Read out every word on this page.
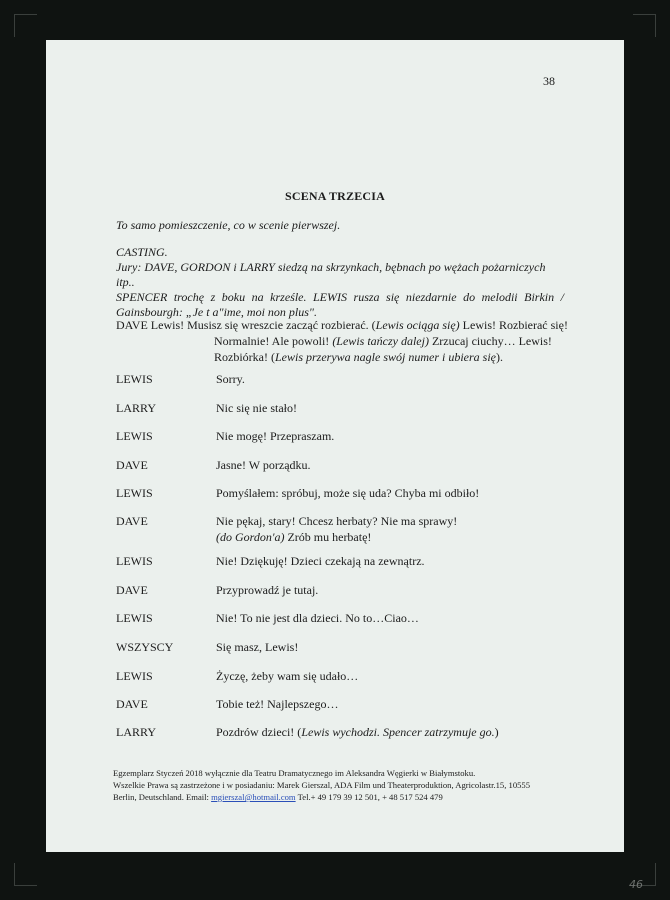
38
SCENA TRZECIA
To samo pomieszczenie, co w scenie pierwszej.
CASTING.
Jury: DAVE, GORDON i LARRY siedzą na skrzynkach, bębnach po wężach pożarniczych itp..

SPENCER trochę z boku na krześle. LEWIS rusza się niezdarnie do melodii Birkin /
Gainsbourgh: „Je t a"ime, moi non plus".
DAVE Lewis! Musisz się wreszcie zacząć rozbierać. (Lewis ociąga się) Lewis! Rozbierać się!
Normalnie! Ale powoli! (Lewis tańczy dalej) Zrzucaj ciuchy… Lewis!
Rozbiórka! (Lewis przerywa nagle swój numer i ubiera się).
LEWIS	Sorry.
LARRY	Nic się nie stało!
LEWIS	Nie mogę! Przepraszam.
DAVE	Jasne! W porządku.
LEWIS	Pomyślałem: spróbuj, może się uda? Chyba mi odbiło!
DAVE	Nie pękaj, stary! Chcesz herbaty? Nie ma sprawy!
(do Gordon'a) Zrób mu herbatę!
LEWIS	Nie! Dziękuję! Dzieci czekają na zewnątrz.
DAVE	Przyprowadź je tutaj.
LEWIS	Nie! To nie jest dla dzieci. No to…Ciao…
WSZYSCY	Się masz, Lewis!
LEWIS	Życzę, żeby wam się udało…
DAVE	Tobie też! Najlepszego…
LARRY	Pozdrów dzieci! (Lewis wychodzi. Spencer zatrzymuje go.)
Egzemplarz Styczeń 2018 wyłącznie dla Teatru Dramatycznego im Aleksandra Węgierki w Białymstoku.
Wszelkie Prawa są zastrzeżone i w posiadaniu: Marek Gierszal, ADA Film und Theaterproduktion, Agricolastr.15, 10555
Berlin, Deutschland. Email: mgierszal@hotmail.com Tel.+ 49 179 39 12 501, + 48 517 524 479
46
